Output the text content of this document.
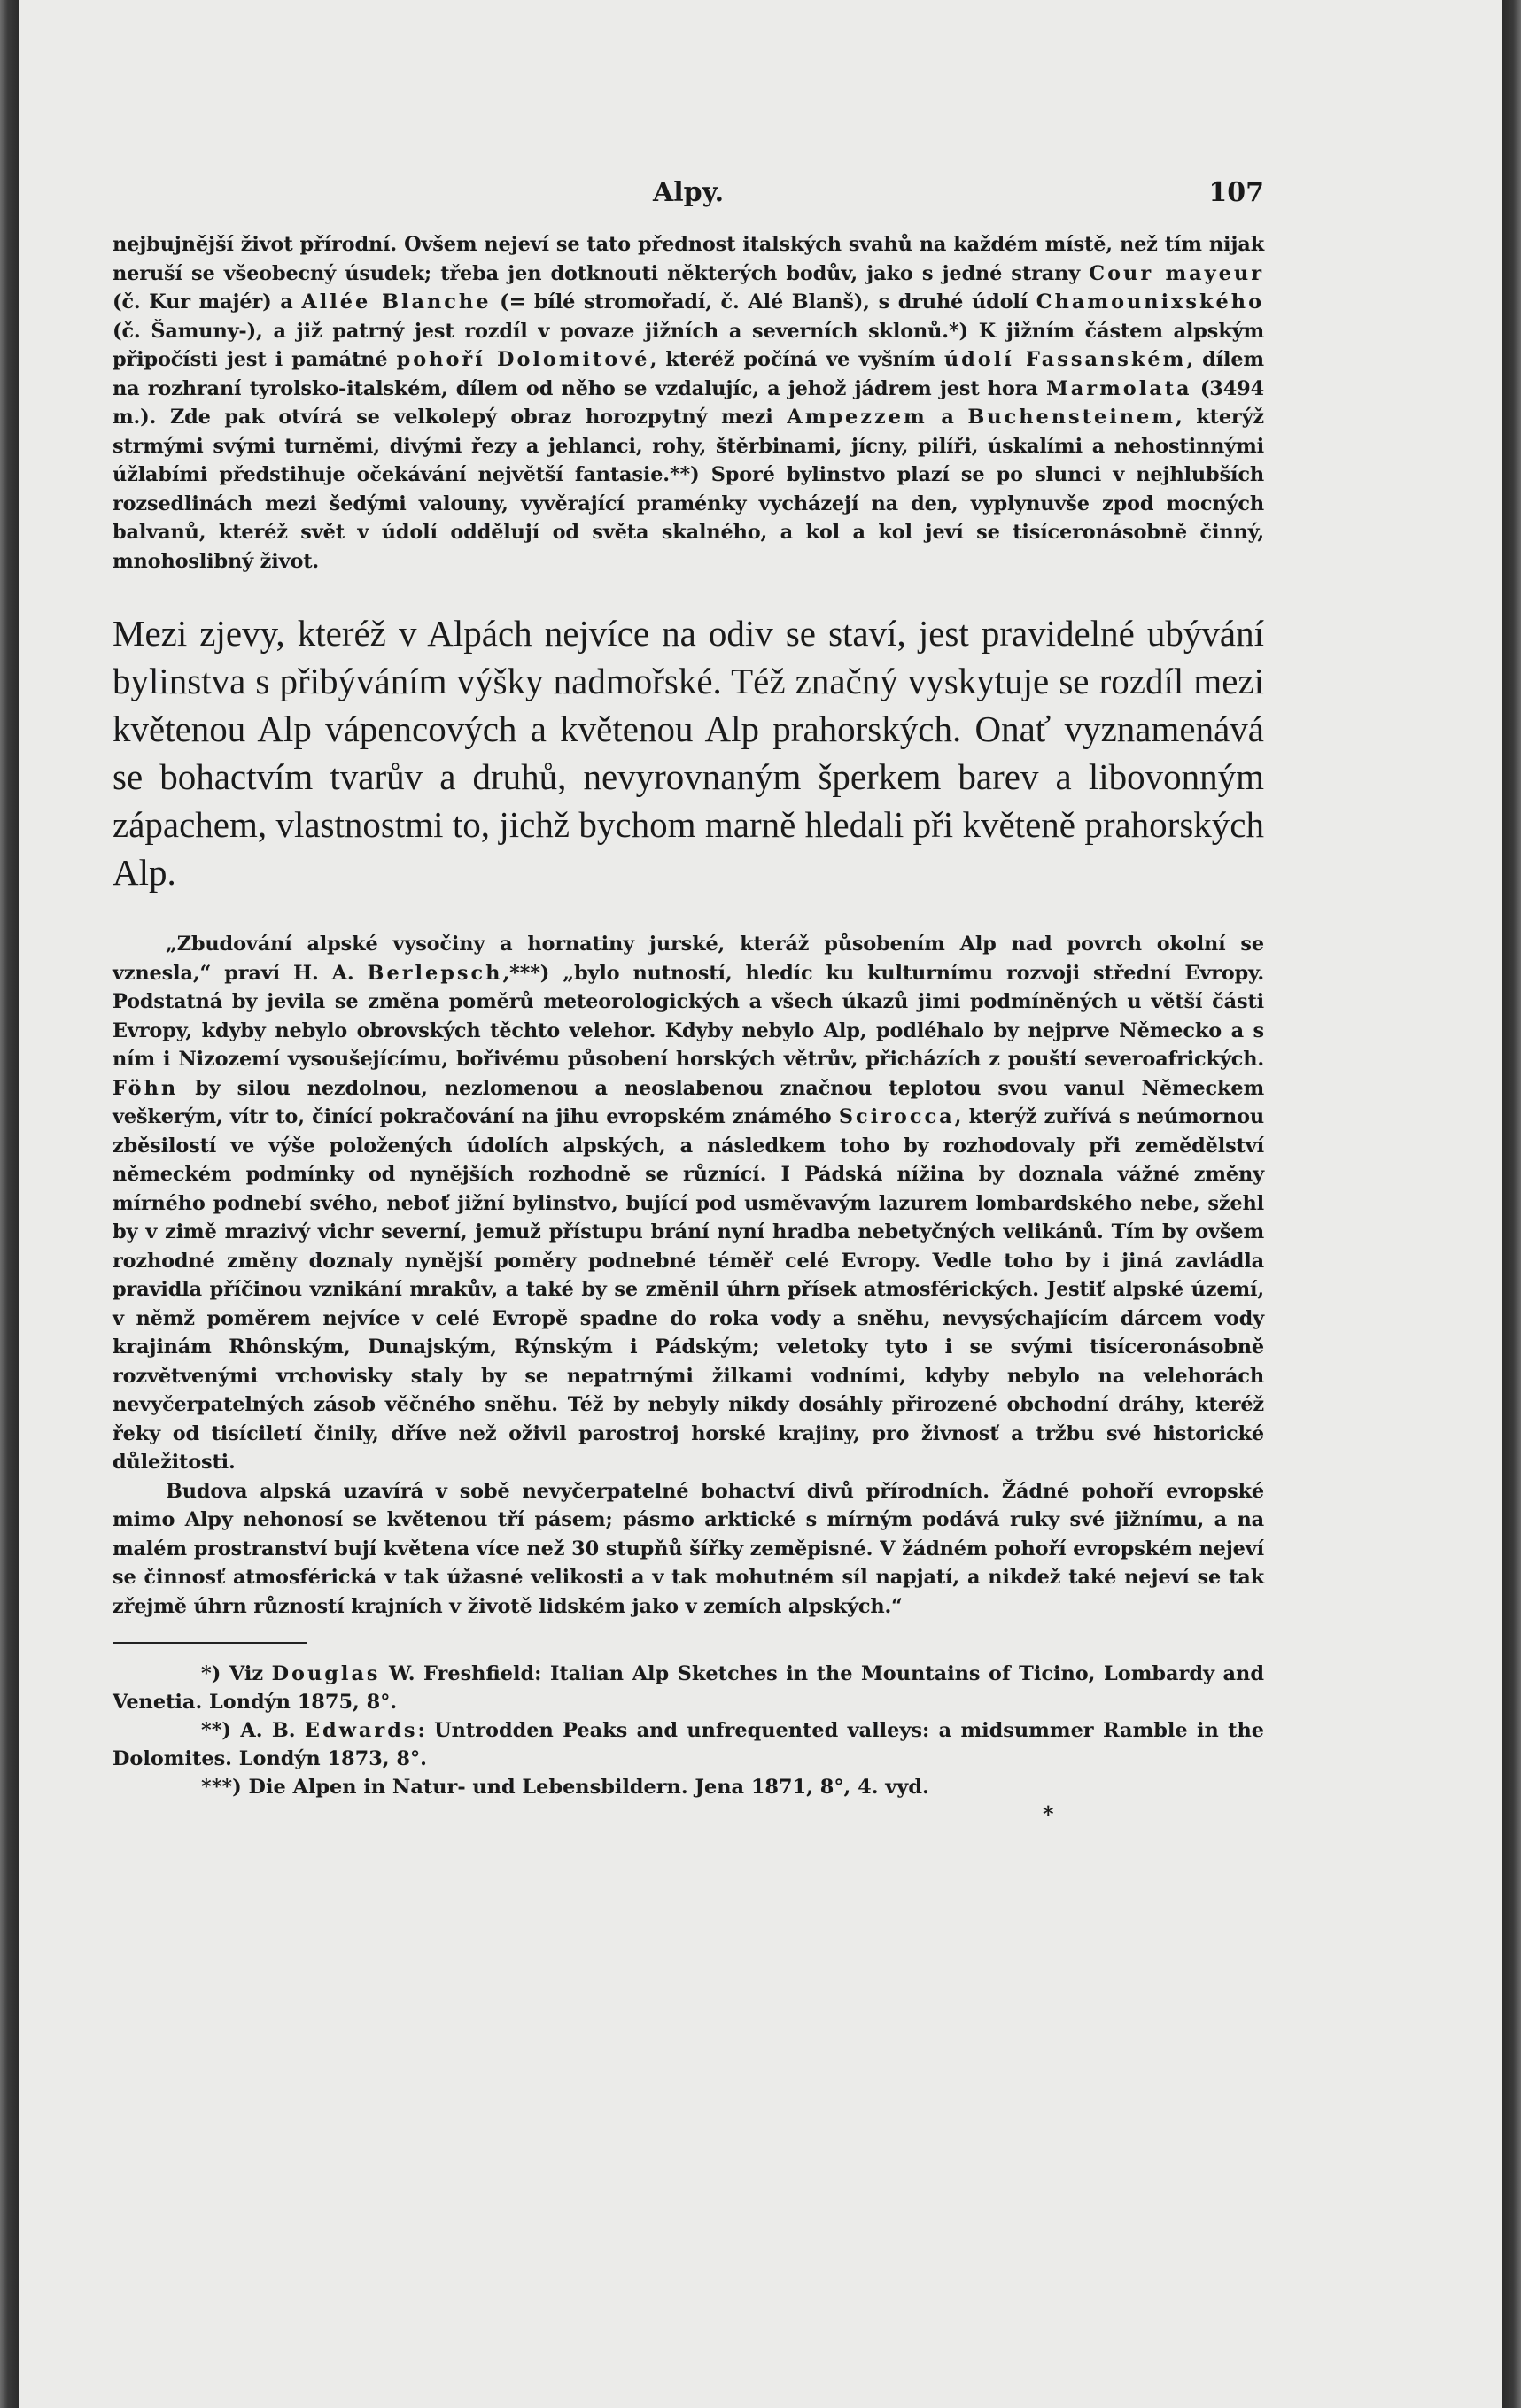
Alpy.	107

nejbujnější život přírodní. Ovšem nejeví se tato přednost italských svahů na každém místě, než tím nijak neruší se všeobecný úsudek; třeba jen dotknouti některých bodův, jako s jedné strany Cour mayeur (č. Kur majér) a Allée Blanche (= bílé stromořadí, č. Alé Blanš), s druhé údolí Chamounixského (č. Šamuny-), a již patrný jest rozdíl v povaze jižních a severních sklonů.*) K jižním částem alpským připočísti jest i památné pohoří Dolomitové, kteréž počíná ve vyšním údolí Fassanském, dílem na rozhraní tyrolsko-italském, dílem od něho se vzdalujíc, a jehož jádrem jest hora Marmolata (3494 m.). Zde pak otvírá se velkolepý obraz horozpytný mezi Ampezzem a Buchensteinem, kterýž strmými svými turněmi, divými řezy a jehlanci, rohy, štěrbinami, jícny, pilíři, úskalími a nehostinnými úžlabími předstihuje očekávání největší fantasie.**) Sporé bylinstvo plazí se po slunci v nejhlubších rozsedlinách mezi šedými valouny, vyvěrající praménky vycházejí na den, vyplynuvše zpod mocných balvanů, kteréž svět v údolí oddělují od světa skalného, a kol a kol jeví se tisíceronásobně činný, mnohoslibný život.

Mezi zjevy, kteréž v Alpách nejvíce na odiv se staví, jest pravidelné ubývání bylinstva s přibýváním výšky nadmořské. Též značný vyskytuje se rozdíl mezi květenou Alp vápencových a květenou Alp prahorských. Onať vyznamenává se bohactvím tvarův a druhů, nevyrovnaným šperkem barev a libovonným zápachem, vlastnostmi to, jichž bychom marně hledali při květeně prahorských Alp.

„Zbudování alpské vysočiny a hornatiny jurské, kteráž působením Alp nad povrch okolní se vznesla,“ praví H. A. Berlepsch,***) „bylo nutností, hledíc ku kulturnímu rozvoji střední Evropy. Podstatná by jevila se změna poměrů meteorologických a všech úkazů jimi podmíněných u větší části Evropy, kdyby nebylo obrovských těchto velehor. Kdyby nebylo Alp, podléhalo by nejprve Německo a s ním i Nizozemí vysoušejícímu, bořivému působení horských větrův, přicházích z pouští severoafrických. Föhn by silou nezdolnou, nezlomenou a neoslabenou značnou teplotou svou vanul Německem veškerým, vítr to, činící pokračování na jihu evropském známého Scirocca, kterýž zuřívá s neúmornou zběsilostí ve výše položených údolích alpských, a následkem toho by rozhodovaly při zemědělství německém podmínky od nynějších rozhodně se různící. I Pádská nížina by doznala vážné změny mírného podnebí svého, neboť jižní bylinstvo, bující pod usměvavým lazurem lombardského nebe, sžehl by v zimě mrazivý vichr severní, jemuž přístupu brání nyní hradba nebetyčných velikánů. Tím by ovšem rozhodné změny doznaly nynější poměry podnebné téměř celé Evropy. Vedle toho by i jiná zavládla pravidla příčinou vznikání mrakův, a také by se změnil úhrn přísek atmosférických. Jestiť alpské území, v němž poměrem nejvíce v celé Evropě spadne do roka vody a sněhu, nevysýchajícím dárcem vody krajinám Rhônským, Dunajským, Rýnským i Pádským; veletoky tyto i se svými tisíceronásobně rozvětvenými vrchovisky staly by se nepatrnými žilkami vodními, kdyby nebylo na velehorách nevyčerpatelných zásob věčného sněhu. Též by nebyly nikdy dosáhly přirozené obchodní dráhy, kteréž řeky od tisíciletí činily, dříve než oživil parostroj horské krajiny, pro živnosť a tržbu své historické důležitosti.

Budova alpská uzavírá v sobě nevyčerpatelné bohactví divů přírodních. Žádné pohoří evropské mimo Alpy nehonosí se květenou tří pásem; pásmo arktické s mírným podává ruky své jižnímu, a na malém prostranství bují květena více než 30 stupňů šířky zeměpisné. V žádném pohoří evropském nejeví se činnosť atmosférická v tak úžasné velikosti a v tak mohutném síl napjatí, a nikdež také nejeví se tak zřejmě úhrn růzností krajních v životě lidském jako v zemích alpských.“

*) Viz Douglas W. Freshfield: Italian Alp Sketches in the Mountains of Ticino, Lombardy and Venetia. Londýn 1875, 8°.

**) A. B. Edwards: Untrodden Peaks and unfrequented valleys: a midsummer Ramble in the Dolomites. Londýn 1873, 8°.

***) Die Alpen in Natur- und Lebensbildern. Jena 1871, 8°, 4. vyd.

*
